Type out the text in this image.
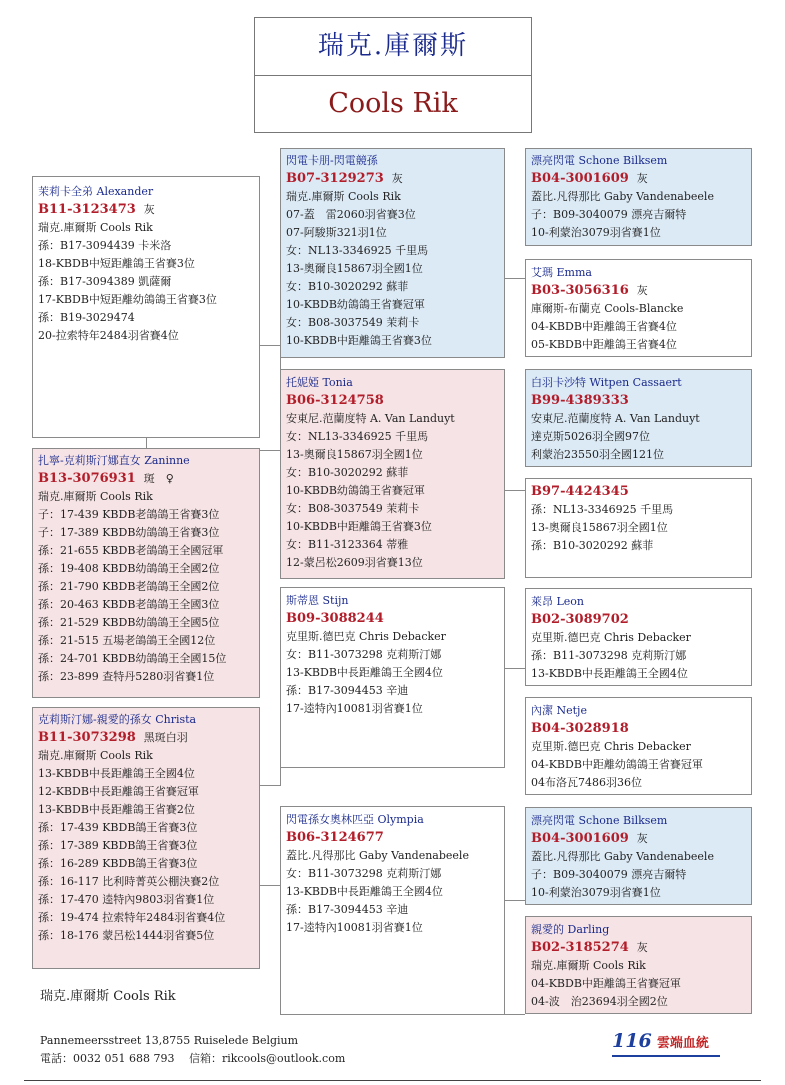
瑞克.庫爾斯
Cools Rik
茉莉卡全弟 Alexander
B11-3123473 灰
瑞克.庫爾斯 Cools Rik
孫：B17-3094439 卡米洛
18-KBDB中短距離鴿王省賽3位
孫：B17-3094389 凱薩爾
17-KBDB中短距離幼鴿鴿王省賽3位
孫：B19-3029474
20-拉索特年2484羽省賽4位
閃電卡朋-閃電競孫
B07-3129273 灰
瑞克.庫爾斯 Cools Rik
07-蓋　雷2060羽省賽3位
07-阿駿斯321羽1位
女：NL13-3346925 千里馬
13-奧爾良15867羽全國1位
女：B10-3020292 蘇菲
10-KBDB幼鴿鴿王省賽冠軍
女：B08-3037549 茉莉卡
10-KBDB中距離鴿王省賽3位
托妮婭 Tonia
B06-3124758
安東尼.范蘭度特 A. Van Landuyt
女：NL13-3346925 千里馬
13-奧爾良15867羽全國1位
女：B10-3020292 蘇菲
10-KBDB幼鴿鴿王省賽冠軍
女：B08-3037549 茉莉卡
10-KBDB中距離鴿王省賽3位
女：B11-3123364 蒂雅
12-蒙呂松2609羽省賽13位
扎寧-克莉斯汀娜直女 Zaninne
B13-3076931 斑　♀
瑞克.庫爾斯 Cools Rik
子：17-439 KBDB老鴿鴿王省賽3位
子：17-389 KBDB幼鴿鴿王省賽3位
孫：21-655 KBDB老鴿鴿王全國冠軍
孫：19-408 KBDB幼鴿鴿王全國2位
孫：21-790 KBDB老鴿鴿王全國2位
孫：20-463 KBDB老鴿鴿王全國3位
孫：21-529 KBDB幼鴿鴿王全國5位
孫：21-515 五場老鴿鴿王全國12位
孫：24-701 KBDB幼鴿鴿王全國15位
孫：23-899 查特丹5280羽省賽1位
克莉斯汀娜-親愛的孫女 Christa
B11-3073298 黑斑白羽
瑞克.庫爾斯 Cools Rik
13-KBDB中長距離鴿王全國4位
12-KBDB中長距離鴿王省賽冠軍
13-KBDB中長距離鴿王省賽2位
孫：17-439 KBDB鴿王省賽3位
孫：17-389 KBDB鴿王省賽3位
孫：16-289 KBDB鴿王省賽3位
孫：16-117 比利時菁英公棚決賽2位
孫：17-470 逵特內9803羽省賽1位
孫：19-474 拉索特年2484羽省賽4位
孫：18-176 蒙呂松1444羽省賽5位
斯蒂恩 Stijn
B09-3088244
克里斯.德巴克 Chris Debacker
女：B11-3073298 克莉斯汀娜
13-KBDB中長距離鴿王全國4位
孫：B17-3094453 辛迪
17-逵特內10081羽省賽1位
閃電孫女奧林匹亞 Olympia
B06-3124677
蓋比.凡得那比 Gaby Vandenabeele
女：B11-3073298 克莉斯汀娜
13-KBDB中長距離鴿王全國4位
孫：B17-3094453 辛迪
17-逵特內10081羽省賽1位
漂亮閃電 Schone Bilksem
B04-3001609 灰
蓋比.凡得那比 Gaby Vandenabeele
子：B09-3040079 漂亮吉爾特
10-利蒙治3079羽省賽1位
艾瑪 Emma
B03-3056316 灰
庫爾斯-布蘭克 Cools-Blancke
04-KBDB中距離鴿王省賽4位
05-KBDB中距離鴿王省賽4位
白羽卡沙特 Witpen Cassaert
B99-4389333
安東尼.范蘭度特 A. Van Landuyt
達克斯5026羽全國97位
利蒙治23550羽全國121位
B97-4424345
孫：NL13-3346925 千里馬
13-奧爾良15867羽全國1位
孫：B10-3020292 蘇菲
萊昂 Leon
B02-3089702
克里斯.德巴克 Chris Debacker
孫：B11-3073298 克莉斯汀娜
13-KBDB中長距離鴿王全國4位
內潔 Netje
B04-3028918
克里斯.德巴克 Chris Debacker
04-KBDB中距離幼鴿鴿王省賽冠軍
04布洛瓦7486羽36位
漂亮閃電 Schone Bilksem
B04-3001609 灰
蓋比.凡得那比 Gaby Vandenabeele
子：B09-3040079 漂亮吉爾特
10-利蒙治3079羽省賽1位
親愛的 Darling
B02-3185274 灰
瑞克.庫爾斯 Cools Rik
04-KBDB中距離鴿王省賽冠軍
04-波　治23694羽全國2位
瑞克.庫爾斯 Cools Rik
Pannemeersstreet 13,8755 Ruiselede Belgium
電話：0032 051 688 793　 信箱：rikcools@outlook.com
116 雲端血統
